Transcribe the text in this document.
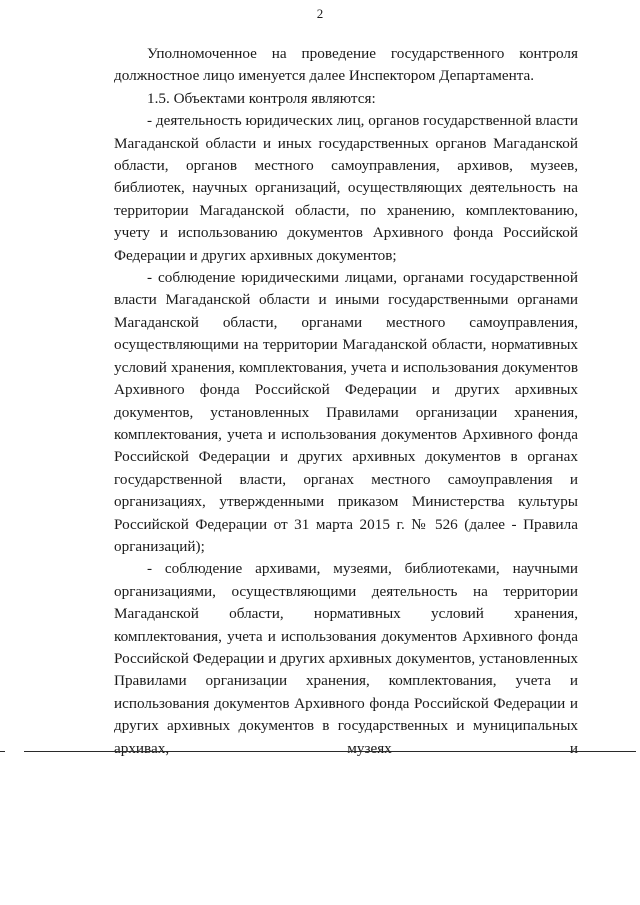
2

Уполномоченное на проведение государственного контроля должностное лицо именуется далее Инспектором Департамента.

1.5. Объектами контроля являются:

- деятельность юридических лиц, органов государственной власти Магаданской области и иных государственных органов Магаданской области, органов местного самоуправления, архивов, музеев, библиотек, научных организаций, осуществляющих деятельность на территории Магаданской области, по хранению, комплектованию, учету и использованию документов Архивного фонда Российской Федерации и других архивных документов;

- соблюдение юридическими лицами, органами государственной власти Магаданской области и иными государственными органами Магаданской области, органами местного самоуправления, осуществляющими на территории Магаданской области, нормативных условий хранения, комплектования, учета и использования документов Архивного фонда Российской Федерации и других архивных документов, установленных Правилами организации хранения, комплектования, учета и использования документов Архивного фонда Российской Федерации и других архивных документов в органах государственной власти, органах местного самоуправления и организациях, утвержденными приказом Министерства культуры Российской Федерации от 31 марта 2015 г. № 526 (далее - Правила организаций);

- соблюдение архивами, музеями, библиотеками, научными организациями, осуществляющими деятельность на территории Магаданской области, нормативных условий хранения, комплектования, учета и использования документов Архивного фонда Российской Федерации и других архивных документов, установленных Правилами организации хранения, комплектования, учета и использования документов Архивного фонда Российской Федерации и других архивных документов в государственных и муниципальных архивах, музеях и
